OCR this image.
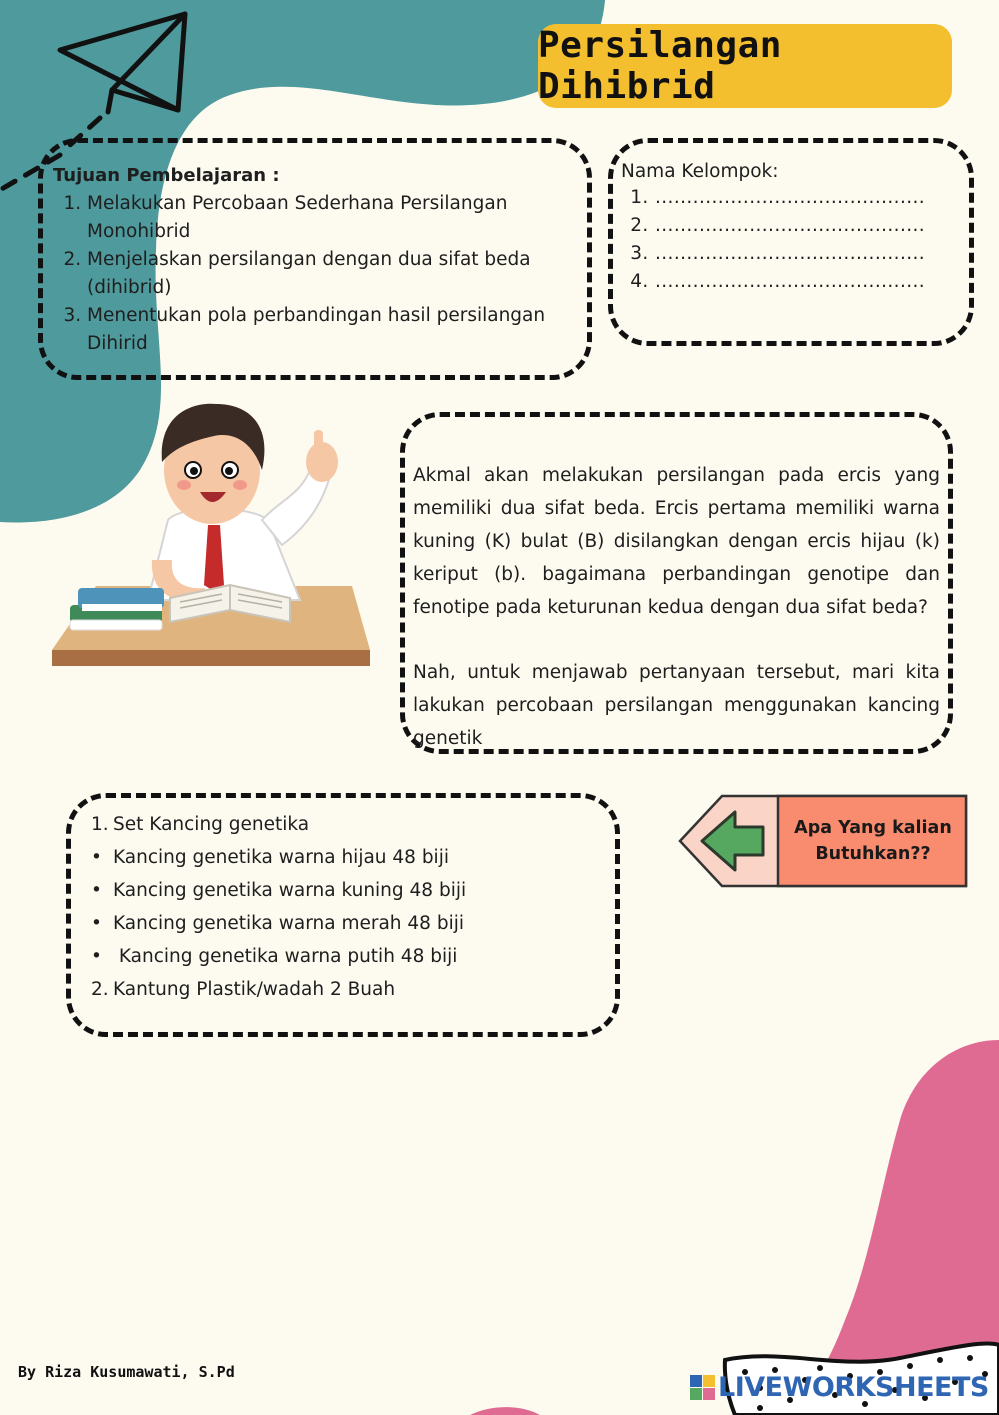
Persilangan Dihibrid
Tujuan Pembelajaran :
1. Melakukan Percobaan Sederhana Persilangan Monohibrid
2. Menjelaskan persilangan dengan dua sifat beda (dihibrid)
3. Menentukan pola perbandingan hasil persilangan Dihirid
Nama Kelompok:
1. ...........................................
2. ...........................................
3. ...........................................
4. ...........................................

Akmal akan melakukan persilangan pada ercis yang memiliki dua sifat beda. Ercis pertama memiliki warna kuning (K) bulat (B) disilangkan dengan ercis hijau (k) keriput (b). bagaimana perbandingan genotipe dan fenotipe pada keturunan kedua dengan dua sifat beda?

Nah, untuk menjawab pertanyaan tersebut, mari kita lakukan percobaan persilangan menggunakan kancing genetik

1. Set Kancing genetika
• Kancing genetika warna hijau 48 biji
• Kancing genetika warna kuning 48 biji
• Kancing genetika warna merah 48 biji
• Kancing genetika warna putih 48 biji
2. Kantung Plastik/wadah 2 Buah
Apa Yang kalian
Butuhkan??
By Riza Kusumawati, S.Pd	LIVEWORKSHEETS
